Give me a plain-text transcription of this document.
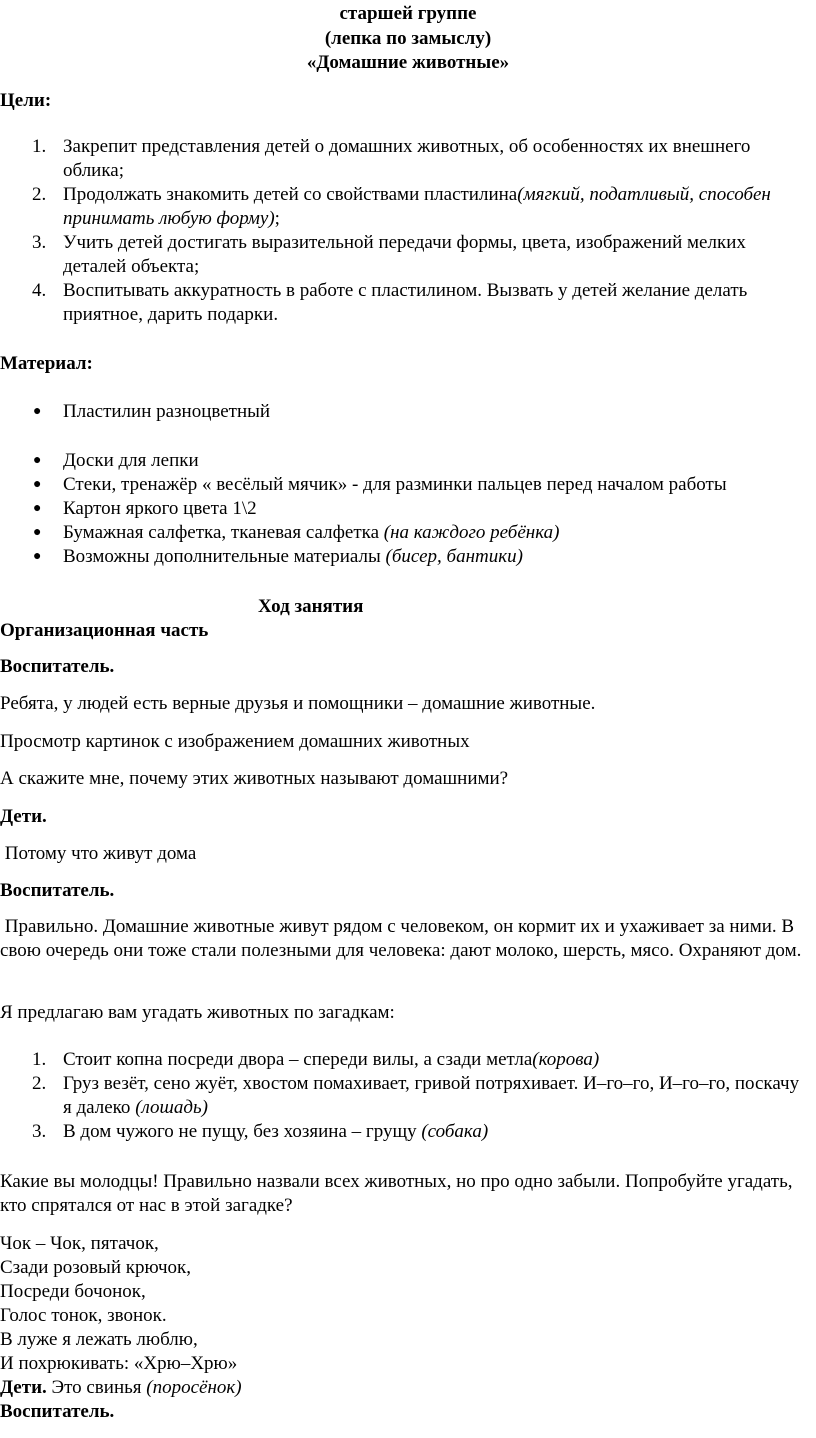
старшей группе

(лепка по замыслу)

«Домашние животные»

Цели:

1. Закрепит представления детей о домашних животных, об особенностях их внешнего облика;
2. Продолжать знакомить детей со свойствами пластилина(мягкий, податливый, способен принимать любую форму);
3. Учить детей достигать выразительной передачи формы, цвета, изображений мелких деталей объекта;
4. Воспитывать аккуратность в работе с пластилином. Вызвать у детей желание делать приятное, дарить подарки.

Материал:

● Пластилин разноцветный
● Доски для лепки
● Стеки, тренажёр « весёлый мячик» - для разминки пальцев перед началом работы
● Картон яркого цвета 1\2
● Бумажная салфетка, тканевая салфетка (на каждого ребёнка)
● Возможны дополнительные материалы (бисер, бантики)

Ход занятия

Организационная часть

Воспитатель.

Ребята, у людей есть верные друзья и помощники – домашние животные.

Просмотр картинок с изображением домашних животных

А скажите мне, почему этих животных называют домашними?

Дети.

Потому что живут дома

Воспитатель.

Правильно. Домашние животные живут рядом с человеком, он кормит их и ухаживает за ними. В свою очередь они тоже стали полезными для человека: дают молоко, шерсть, мясо. Охраняют дом.

Я предлагаю вам угадать животных по загадкам:

1. Стоит копна посреди двора – спереди вилы, а сзади метла(корова)
2. Груз везёт, сено жуёт, хвостом помахивает, гривой потряхивает. И–го–го, И–го–го, поскачу я далеко (лошадь)
3. В дом чужого не пущу, без хозяина – грущу (собака)

Какие вы молодцы! Правильно назвали всех животных, но про одно забыли. Попробуйте угадать, кто спрятался от нас в этой загадке?

Чок – Чок, пятачок,

Сзади розовый крючок,

Посреди бочонок,

Голос тонок, звонок.

В луже я лежать люблю,

И похрюкивать: «Хрю–Хрю»

Дети. Это свинья (поросёнок)

Воспитатель.
